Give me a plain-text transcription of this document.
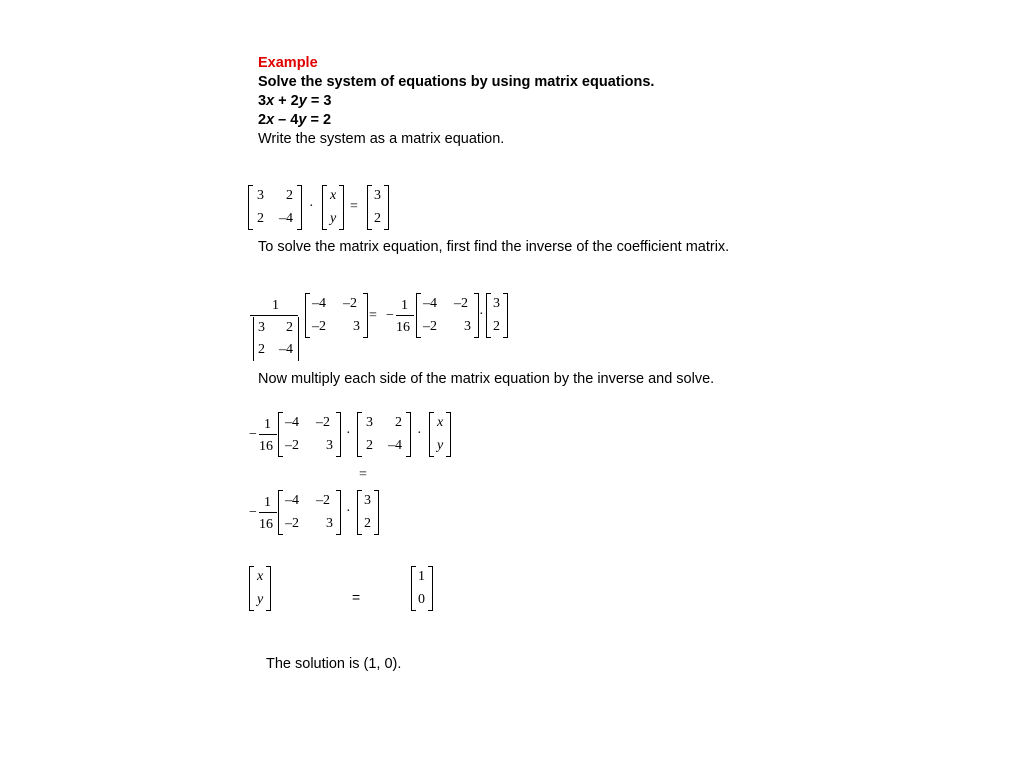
Example
Solve the system of equations by using matrix equations.
3x + 2y = 3
2x – 4y = 2
Write the system as a matrix equation.
3 2
2 –4
·
x
y
=
3
2
To solve the matrix equation, first find the inverse of the coefficient matrix.
1
3 2
2 –4
–4 –2
–2 3
= −
1
16
–4 –2
–2 3
·
3
2
Now multiply each side of the matrix equation by the inverse and solve.
−
1
16
–4 –2
–2 3
·
3 2
2 –4
·
x
y
=
−
1
16
–4 –2
–2 3
·
3
2
x
y	=
1
0
The solution is (1, 0).
